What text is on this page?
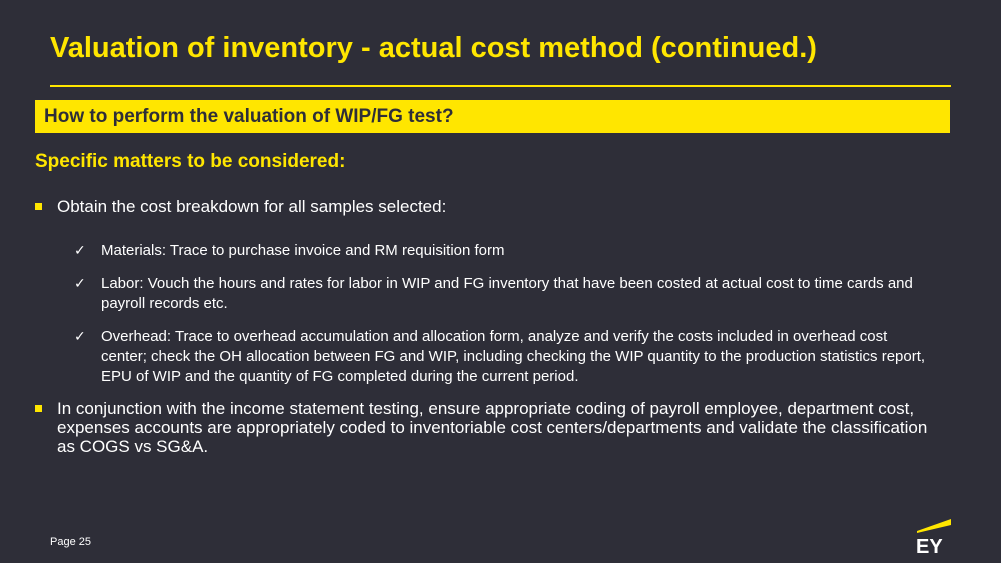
Valuation of inventory - actual cost method (continued.)
How to perform the valuation of WIP/FG test?
Specific matters to be considered:
Obtain the cost breakdown for all samples selected:
✓	Materials: Trace to purchase invoice and RM requisition form
✓	Labor: Vouch the hours and rates for labor in WIP and FG inventory that have been costed at actual cost to time cards and payroll records etc.
✓	Overhead: Trace to overhead accumulation and allocation form, analyze and verify the costs included in overhead cost center; check the OH allocation between FG and WIP, including checking the WIP quantity to the production statistics report, EPU of WIP and the quantity of FG completed during the current period.
In conjunction with the income statement testing, ensure appropriate coding of payroll employee, department cost, expenses accounts are appropriately coded to inventoriable cost centers/departments and validate the classification as COGS vs SG&A.
Page 25	EY
